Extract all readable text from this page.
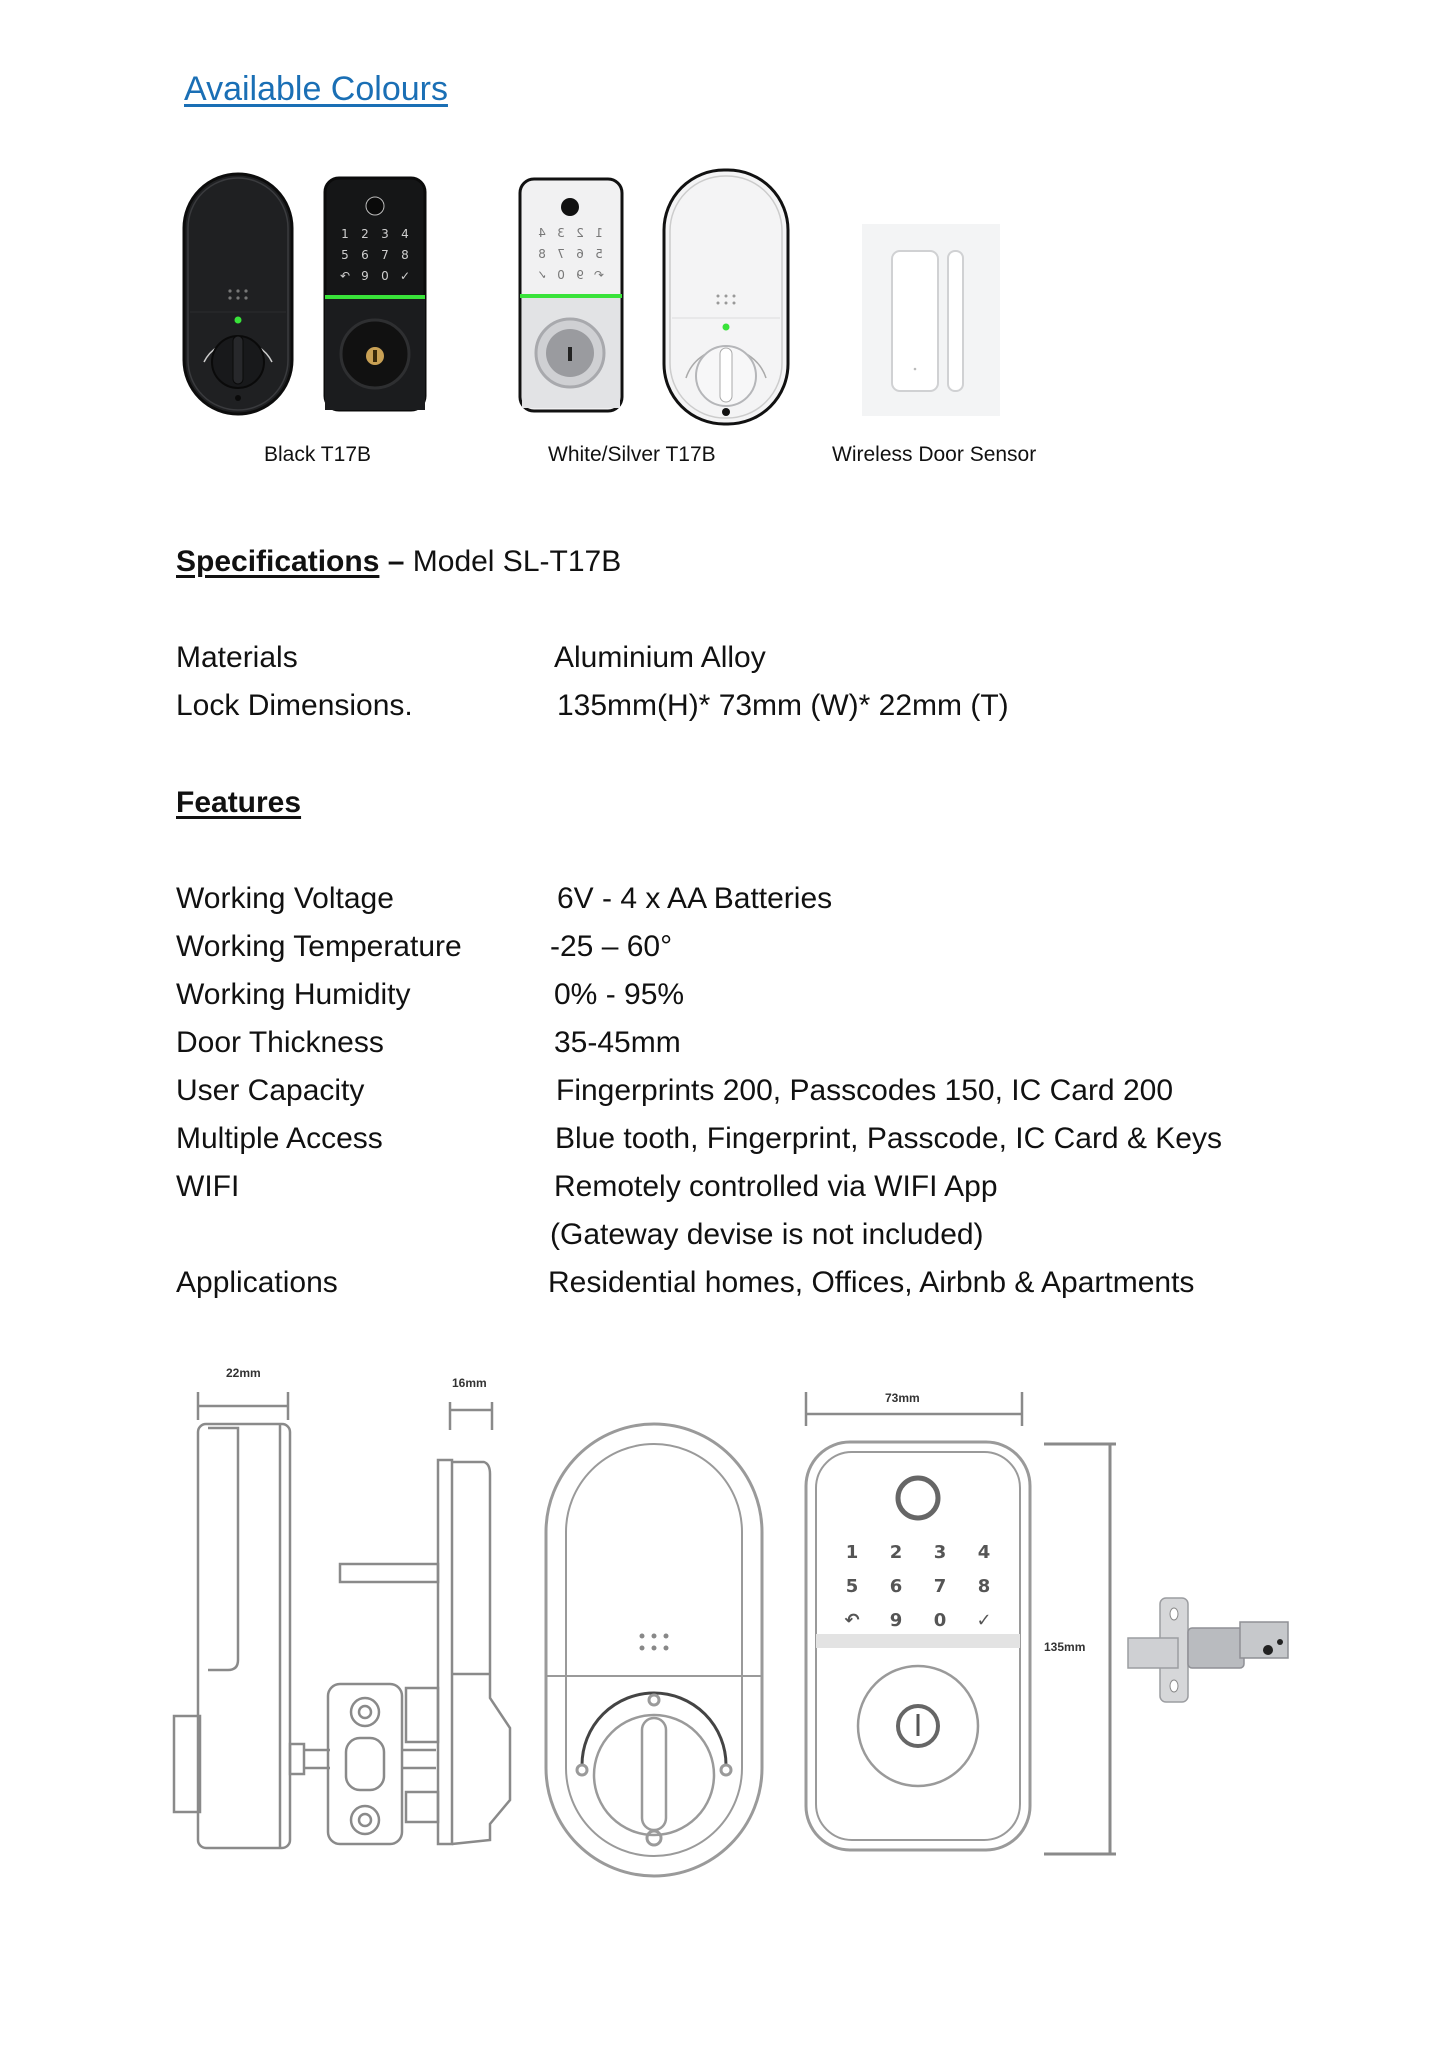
Available Colours
1 2 3 4
5 6 7 8
↶ 9 0 ✓
1
2
3
4
5
6
7
8
↶
9
0
✓
Black T17B	White/Silver T17B	Wireless Door Sensor
Specifications – Model SL-T17B
Materials	Aluminium Alloy
Lock Dimensions.	135mm(H)* 73mm (W)* 22mm (T)
Features
Working Voltage	6V - 4 x AA Batteries
Working Temperature	-25 – 60°
Working Humidity	0% - 95%
Door Thickness	35-45mm
User Capacity	Fingerprints 200, Passcodes 150, IC Card 200
Multiple Access	Blue tooth, Fingerprint, Passcode, IC Card & Keys
WIFI	Remotely controlled via WIFI App
(Gateway devise is not included)
Applications	Residential homes, Offices, Airbnb & Apartments
22mm
16mm
73mm
1 2 3 4
5 6 7 8
↶ 9 0 ✓
135mm
